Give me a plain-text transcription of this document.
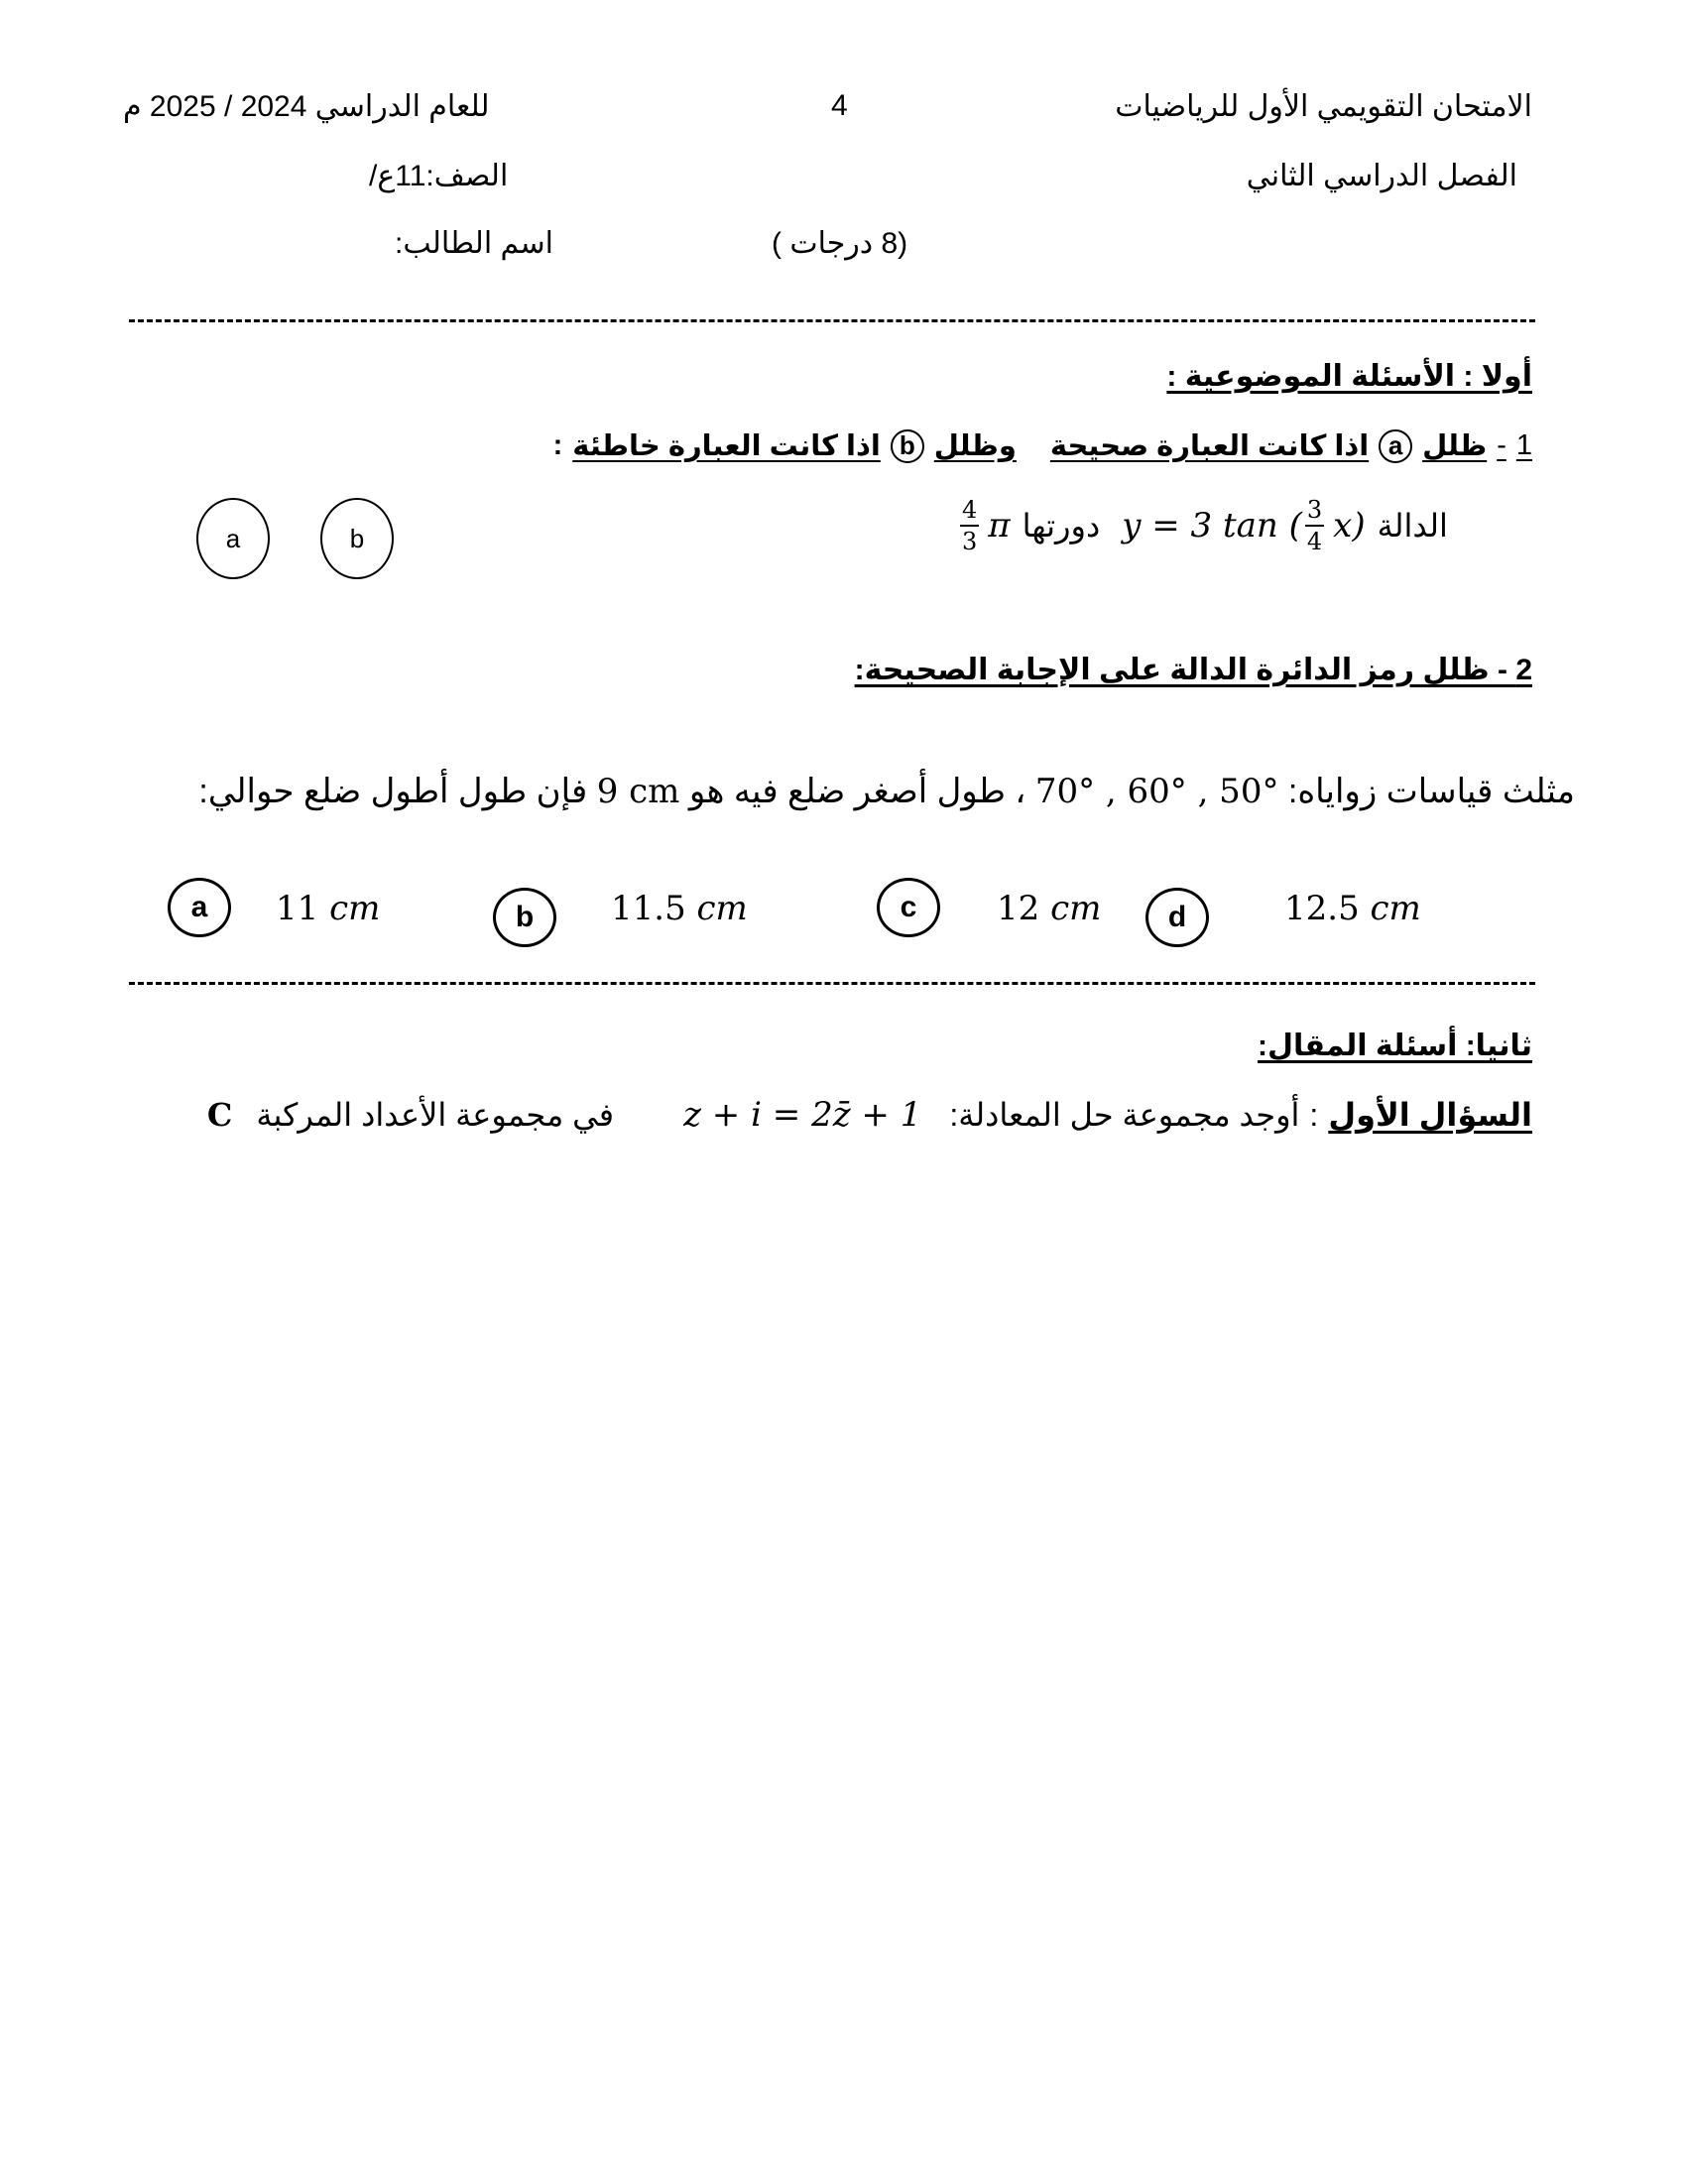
الامتحان التقويمي الأول للرياضيات
4
للعام الدراسي 2024 / 2025 م
الفصل الدراسي الثاني
الصف:11ع/
(8 درجات )
اسم الطالب:
أولا : الأسئلة الموضوعية :
1
-
ظلل
a
اذا كانت العبارة صحيحة
وظلل
b
اذا كانت العبارة خاطئة
:
$\frac{4}{3}$ π دورتها y = 3 tan ( $\frac{3}{4} x$) الدالة
a	b
2 - ظلل رمز الدائرة الدالة على الإجابة الصحيحة:
مثلث قياسات زواياه: 70° , 60° , 50° ، طول أصغر ضلع فيه هو 9 cm فإن طول أطول ضلع حوالي:
a	11 cm	b	11.5 cm	c	12 cm	d	12.5 cm
ثانيا: أسئلة المقال:
السؤال الأول
:
أوجد مجموعة حل المعادلة:
z + i = 2z̄ + 1
في مجموعة الأعداد المركبة
C
